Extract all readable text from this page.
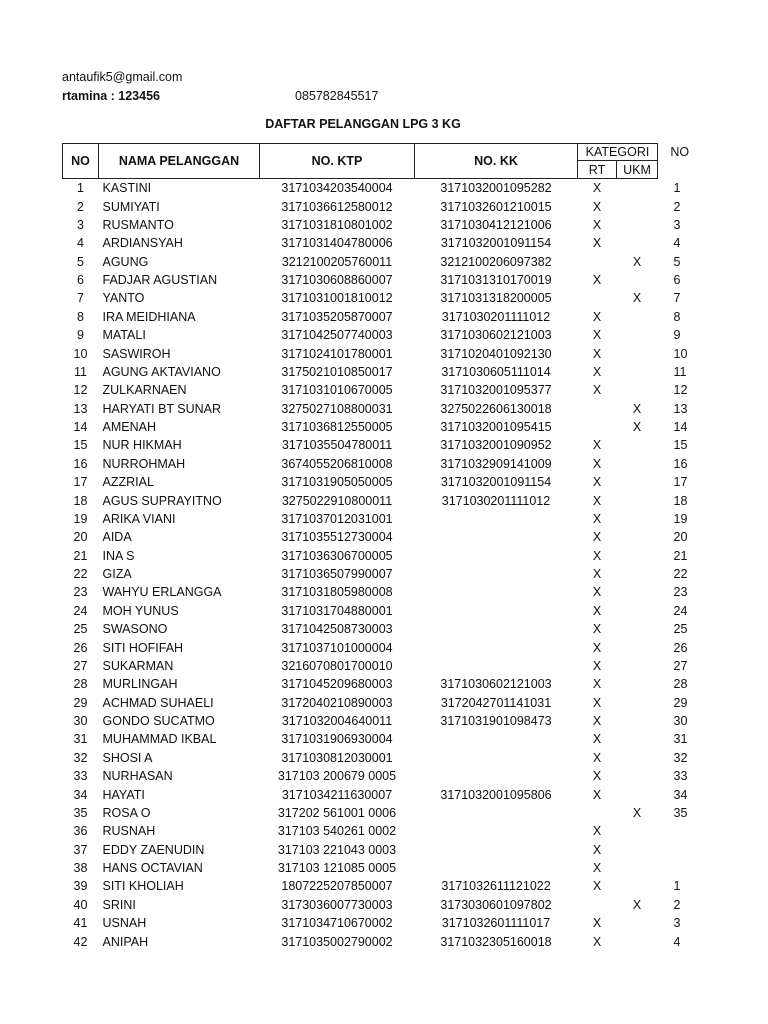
antaufik5@gmail.com
rtamina : 123456	085782845517
DAFTAR PELANGGAN LPG 3 KG
NO	NAMA PELANGGAN	NO. KTP	NO. KK	KATEGORI		NO
				RT	UKM	
1	KASTINI	3171034203540004	3171032001095282	X		1
2	SUMIYATI	3171036612580012	3171032601210015	X		2
3	RUSMANTO	3171031810801002	3171030412121006	X		3
4	ARDIANSYAH	3171031404780006	3171032001091154	X		4
5	AGUNG	3212100205760011	3212100206097382		X	5
6	FADJAR AGUSTIAN	3171030608860007	3171031310170019	X		6
7	YANTO	3171031001810012	3171031318200005		X	7
8	IRA MEIDHIANA	3171035205870007	3171030201111012	X		8
9	MATALI	3171042507740003	3171030602121003	X		9
10	SASWIROH	3171024101780001	3171020401092130	X		10
11	AGUNG AKTAVIANO	3175021010850017	3171030605111014	X		11
12	ZULKARNAEN	3171031010670005	3171032001095377	X		12
13	HARYATI BT SUNAR	3275027108800031	3275022606130018		X	13
14	AMENAH	3171036812550005	3171032001095415		X	14
15	NUR HIKMAH	3171035504780011	3171032001090952	X		15
16	NURROHMAH	3674055206810008	3171032909141009	X		16
17	AZZRIAL	3171031905050005	3171032001091154	X		17
18	AGUS SUPRAYITNO	3275022910800011	3171030201111012	X		18
19	ARIKA VIANI	3171037012031001		X		19
20	AIDA	3171035512730004		X		20
21	INA S	3171036306700005		X		21
22	GIZA	3171036507990007		X		22
23	WAHYU ERLANGGA	3171031805980008		X		23
24	MOH YUNUS	3171031704880001		X		24
25	SWASONO	3171042508730003		X		25
26	SITI HOFIFAH	3171037101000004		X		26
27	SUKARMAN	3216070801700010		X		27
28	MURLINGAH	3171045209680003	3171030602121003	X		28
29	ACHMAD SUHAELI	3172040210890003	3172042701141031	X		29
30	GONDO SUCATMO	3171032004640011	3171031901098473	X		30
31	MUHAMMAD IKBAL	3171031906930004		X		31
32	SHOSI A	3171030812030001		X		32
33	NURHASAN	317103 200679 0005		X		33
34	HAYATI	3171034211630007	3171032001095806	X		34
35	ROSA O	317202 561001 0006			X	35
36	RUSNAH	317103 540261 0002		X		
37	EDDY ZAENUDIN	317103 221043 0003		X		
38	HANS OCTAVIAN	317103 121085 0005		X		
39	SITI KHOLIAH	1807225207850007	3171032611121022	X		1
40	SRINI	3173036007730003	3173030601097802		X	2
41	USNAH	3171034710670002	3171032601111017	X		3
42	ANIPAH	3171035002790002	3171032305160018	X		4
